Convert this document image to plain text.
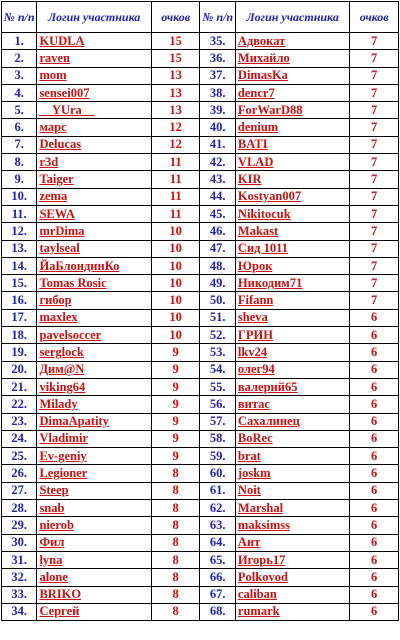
№ п/п	Логин участника	очков	№ п/п	Логин участника	очков
1.	KUDLA	15	35.	Адвокат	7
2.	raven	15	36.	Михайло	7
3.	mom	13	37.	DimasKa	7
4.	sensei007	13	38.	dencr7	7
5.	__YUra__	13	39.	ForWarD88	7
6.	марс	12	40.	denium	7
7.	Delucas	12	41.	BATI	7
8.	r3d	11	42.	VLAD	7
9.	Taiger	11	43.	KIR	7
10.	zema	11	44.	Kostyan007	7
11.	SEWA	11	45.	Nikitocuk	7
12.	mrDima	10	46.	Makast	7
13.	taylseal	10	47.	Сид 1011	7
14.	ЙаБлондинКо	10	48.	Юрок	7
15.	Tomas Rosic	10	49.	Никодим71	7
16.	гибор	10	50.	Fifann	7
17.	maxlex	10	51.	sheva	6
18.	pavelsoccer	10	52.	ГРИН	6
19.	serglock	9	53.	lkv24	6
20.	Дим@N	9	54.	олег94	6
21.	viking64	9	55.	валерий65	6
22.	Milady	9	56.	витас	6
23.	DimaApatity	9	57.	Сахалинец	6
24.	Vladimir	9	58.	BoRec	6
25.	Ev-geniy	9	59.	brat	6
26.	Legioner	8	60.	joskm	6
27.	Steep	8	61.	Noit	6
28.	snab	8	62.	Marshal	6
29.	nierob	8	63.	maksimss	6
30.	Фил	8	64.	Ант	6
31.	lyna	8	65.	Игорь17	6
32.	alone	8	66.	Polkovod	6
33.	BRIKO	8	67.	caliban	6
34.	Сергей	8	68.	rumark	6
